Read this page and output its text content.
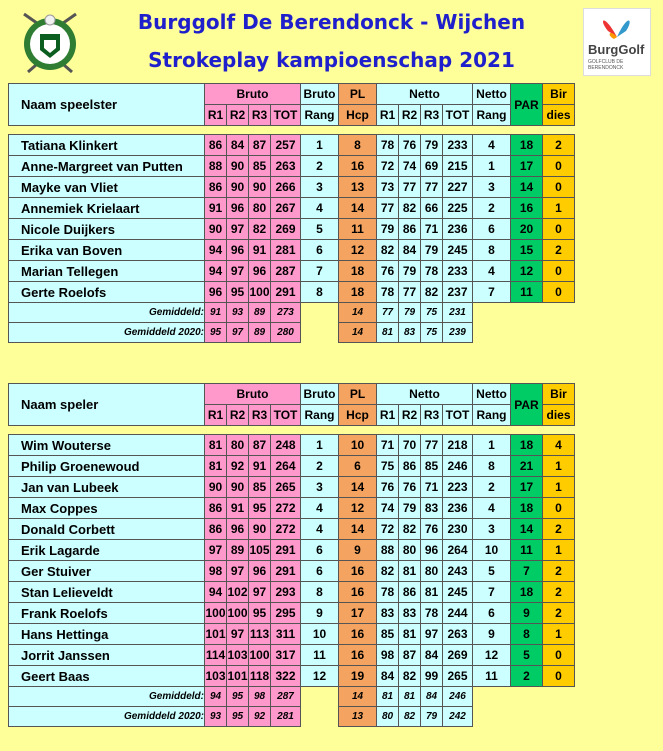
Burggolf De Berendonck - Wijchen
Strokeplay kampioenschap 2021	BurgGolf
GOLFCLUB DE BERENDONCK
Naam speelster	Bruto				Bruto	PL	Netto				Netto	PAR	Bir
	R1	R2	R3	TOT	Rang	Hcp	R1	R2	R3	TOT	Rang		dies

Tatiana Klinkert	86	84	87	257	1	8	78	76	79	233	4	18	2
Anne-Margreet van Putten	88	90	85	263	2	16	72	74	69	215	1	17	0
Mayke van Vliet	86	90	90	266	3	13	73	77	77	227	3	14	0
Annemiek Krielaart	91	96	80	267	4	14	77	82	66	225	2	16	1
Nicole Duijkers	90	97	82	269	5	11	79	86	71	236	6	20	0
Erika van Boven	94	96	91	281	6	12	82	84	79	245	8	15	2
Marian Tellegen	94	97	96	287	7	18	76	79	78	233	4	12	0
Gerte Roelofs	96	95	100	291	8	18	78	77	82	237	7	11	0
Gemiddeld:	91	93	89	273		14	77	79	75	231			
Gemiddeld 2020:	95	97	89	280		14	81	83	75	239			
Naam speler	Bruto				Bruto	PL	Netto				Netto	PAR	Bir
	R1	R2	R3	TOT	Rang	Hcp	R1	R2	R3	TOT	Rang		dies

Wim Wouterse	81	80	87	248	1	10	71	70	77	218	1	18	4
Philip Groenewoud	81	92	91	264	2	6	75	86	85	246	8	21	1
Jan van Lubeek	90	90	85	265	3	14	76	76	71	223	2	17	1
Max Coppes	86	91	95	272	4	12	74	79	83	236	4	18	0
Donald Corbett	86	96	90	272	4	14	72	82	76	230	3	14	2
Erik Lagarde	97	89	105	291	6	9	88	80	96	264	10	11	1
Ger Stuiver	98	97	96	291	6	16	82	81	80	243	5	7	2
Stan Lelieveldt	94	102	97	293	8	16	78	86	81	245	7	18	2
Frank Roelofs	100	100	95	295	9	17	83	83	78	244	6	9	2
Hans Hettinga	101	97	113	311	10	16	85	81	97	263	9	8	1
Jorrit Janssen	114	103	100	317	11	16	98	87	84	269	12	5	0
Geert Baas	103	101	118	322	12	19	84	82	99	265	11	2	0
Gemiddeld:	94	95	98	287		14	81	81	84	246			
Gemiddeld 2020:	93	95	92	281		13	80	82	79	242			
